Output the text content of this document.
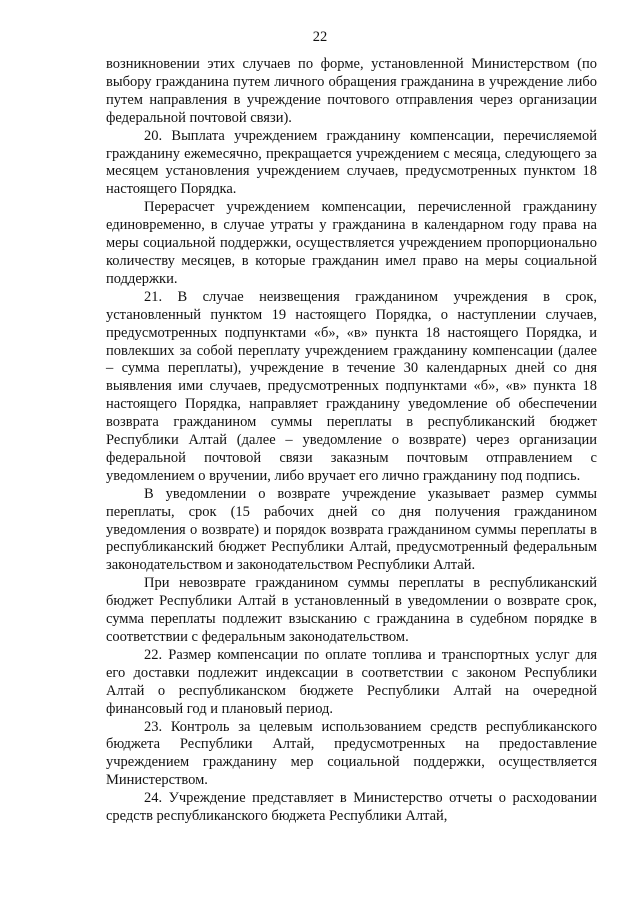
22

возникновении этих случаев по форме, установленной Министерством (по выбору гражданина путем личного обращения гражданина в учреждение либо путем направления в учреждение почтового отправления через организации федеральной почтовой связи).

20. Выплата учреждением гражданину компенсации, перечисляемой гражданину ежемесячно, прекращается учреждением с месяца, следующего за месяцем установления учреждением случаев, предусмотренных пунктом 18 настоящего Порядка.

Перерасчет учреждением компенсации, перечисленной гражданину единовременно, в случае утраты у гражданина в календарном году права на меры социальной поддержки, осуществляется учреждением пропорционально количеству месяцев, в которые гражданин имел право на меры социальной поддержки.

21. В случае неизвещения гражданином учреждения в срок, установленный пунктом 19 настоящего Порядка, о наступлении случаев, предусмотренных подпунктами «б», «в» пункта 18 настоящего Порядка, и повлекших за собой переплату учреждением гражданину компенсации (далее – сумма переплаты), учреждение в течение 30 календарных дней со дня выявления ими случаев, предусмотренных подпунктами «б», «в» пункта 18 настоящего Порядка, направляет гражданину уведомление об обеспечении возврата гражданином суммы переплаты в республиканский бюджет Республики Алтай (далее – уведомление о возврате) через организации федеральной почтовой связи заказным почтовым отправлением с уведомлением о вручении, либо вручает его лично гражданину под подпись.

В уведомлении о возврате учреждение указывает размер суммы переплаты, срок (15 рабочих дней со дня получения гражданином уведомления о возврате) и порядок возврата гражданином суммы переплаты в республиканский бюджет Республики Алтай, предусмотренный федеральным законодательством и законодательством Республики Алтай.

При невозврате гражданином суммы переплаты в республиканский бюджет Республики Алтай в установленный в уведомлении о возврате срок, сумма переплаты подлежит взысканию с гражданина в судебном порядке в соответствии с федеральным законодательством.

22. Размер компенсации по оплате топлива и транспортных услуг для его доставки подлежит индексации в соответствии с законом Республики Алтай о республиканском бюджете Республики Алтай на очередной финансовый год и плановый период.

23. Контроль за целевым использованием средств республиканского бюджета Республики Алтай, предусмотренных на предоставление учреждением гражданину мер социальной поддержки, осуществляется Министерством.

24. Учреждение представляет в Министерство отчеты о расходовании средств республиканского бюджета Республики Алтай,
